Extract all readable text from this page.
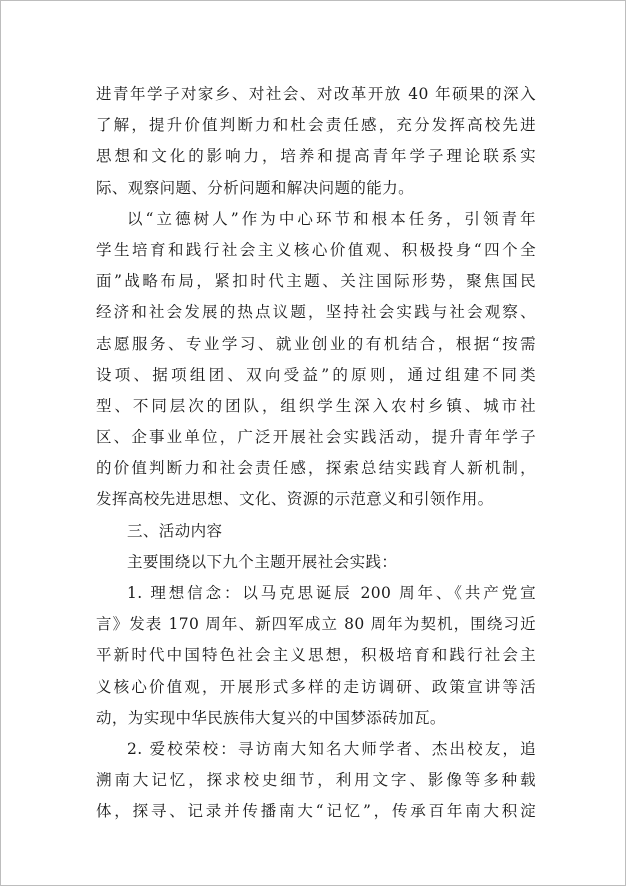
进青年学子对家乡、对社会、对改革开放 40 年硕果的深入
了解，提升价值判断力和杜会责任感，充分发挥高校先进
思想和文化的影响力，培养和提高青年学子理论联系实
际、观察问题、分析问题和解决问题的能力。
以“立德树人”作为中心环节和根本任务，引领青年
学生培育和践行社会主义核心价值观、积极投身“四个全
面”战略布局，紧扣时代主题、关注国际形势，聚焦国民
经济和社会发展的热点议题，坚持社会实践与社会观察、
志愿服务、专业学习、就业创业的有机结合，根据“按需
设项、据项组团、双向受益”的原则，通过组建不同类
型、不同层次的团队，组织学生深入农村乡镇、城市社
区、企事业单位，广泛开展社会实践活动，提升青年学子
的价值判断力和社会责任感，探索总结实践育人新机制，
发挥高校先进思想、文化、资源的示范意义和引领作用。
三、活动内容
主要围绕以下九个主题开展社会实践：
1. 理想信念：以马克思诞辰 200 周年、《共产党宣
言》发表 170 周年、新四军成立 80 周年为契机，围绕习近
平新时代中国特色社会主义思想，积极培育和践行社会主
义核心价值观，开展形式多样的走访调研、政策宣讲等活
动，为实现中华民族伟大复兴的中国梦添砖加瓦。
2. 爱校荣校：寻访南大知名大师学者、杰出校友，追
溯南大记忆，探求校史细节，利用文字、影像等多种载
体，探寻、记录并传播南大“记忆”，传承百年南大积淀
